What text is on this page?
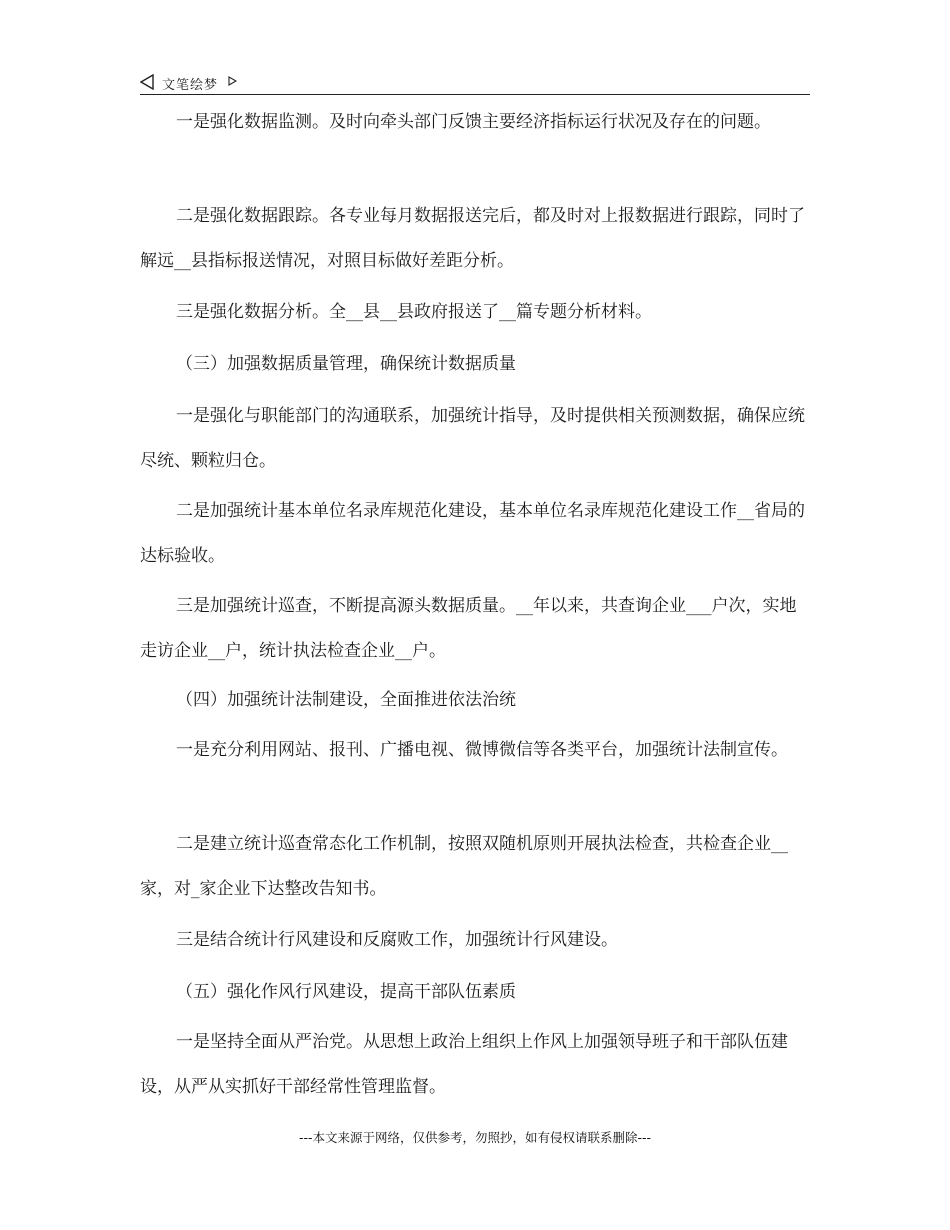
文笔绘梦

一是强化数据监测。及时向牵头部门反馈主要经济指标运行状况及存在的问题。

二是强化数据跟踪。各专业每月数据报送完后，都及时对上报数据进行跟踪，同时了解远__县指标报送情况，对照目标做好差距分析。

三是强化数据分析。全__县__县政府报送了__篇专题分析材料。

（三）加强数据质量管理，确保统计数据质量

一是强化与职能部门的沟通联系，加强统计指导，及时提供相关预测数据，确保应统尽统、颗粒归仓。

二是加强统计基本单位名录库规范化建设，基本单位名录库规范化建设工作__省局的达标验收。

三是加强统计巡查，不断提高源头数据质量。__年以来，共查询企业___户次，实地走访企业__户，统计执法检查企业__户。

（四）加强统计法制建设，全面推进依法治统

一是充分利用网站、报刊、广播电视、微博微信等各类平台，加强统计法制宣传。

二是建立统计巡查常态化工作机制，按照双随机原则开展执法检查，共检查企业__家，对_家企业下达整改告知书。

三是结合统计行风建设和反腐败工作，加强统计行风建设。

（五）强化作风行风建设，提高干部队伍素质

一是坚持全面从严治党。从思想上政治上组织上作风上加强领导班子和干部队伍建设，从严从实抓好干部经常性管理监督。

---本文来源于网络，仅供参考，勿照抄，如有侵权请联系删除---
